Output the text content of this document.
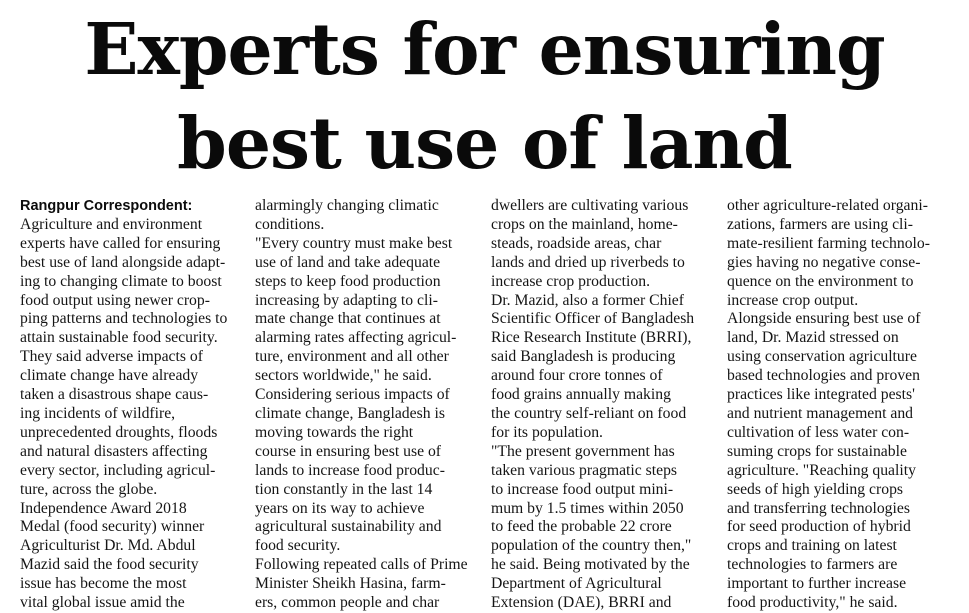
Experts for ensuring
best use of land
Rangpur Correspondent:
Agriculture and environment
experts have called for ensuring
best use of land alongside adapt-
ing to changing climate to boost
food output using newer crop-
ping patterns and technologies to
attain sustainable food security.
They said adverse impacts of
climate change have already
taken a disastrous shape caus-
ing incidents of wildfire,
unprecedented droughts, floods
and natural disasters affecting
every sector, including agricul-
ture, across the globe.
Independence Award 2018
Medal (food security) winner
Agriculturist Dr. Md. Abdul
Mazid said the food security
issue has become the most
vital global issue amid the
alarmingly changing climatic
conditions.
"Every country must make best
use of land and take adequate
steps to keep food production
increasing by adapting to cli-
mate change that continues at
alarming rates affecting agricul-
ture, environment and all other
sectors worldwide," he said.
Considering serious impacts of
climate change, Bangladesh is
moving towards the right
course in ensuring best use of
lands to increase food produc-
tion constantly in the last 14
years on its way to achieve
agricultural sustainability and
food security.
Following repeated calls of Prime
Minister Sheikh Hasina, farm-
ers, common people and char
dwellers are cultivating various
crops on the mainland, home-
steads, roadside areas, char
lands and dried up riverbeds to
increase crop production.
Dr. Mazid, also a former Chief
Scientific Officer of Bangladesh
Rice Research Institute (BRRI),
said Bangladesh is producing
around four crore tonnes of
food grains annually making
the country self-reliant on food
for its population.
"The present government has
taken various pragmatic steps
to increase food output mini-
mum by 1.5 times within 2050
to feed the probable 22 crore
population of the country then,"
he said. Being motivated by the
Department of Agricultural
Extension (DAE), BRRI and
other agriculture-related organi-
zations, farmers are using cli-
mate-resilient farming technolo-
gies having no negative conse-
quence on the environment to
increase crop output.
Alongside ensuring best use of
land, Dr. Mazid stressed on
using conservation agriculture
based technologies and proven
practices like integrated pests'
and nutrient management and
cultivation of less water con-
suming crops for sustainable
agriculture. "Reaching quality
seeds of high yielding crops
and transferring technologies
for seed production of hybrid
crops and training on latest
technologies to farmers are
important to further increase
food productivity," he said.
